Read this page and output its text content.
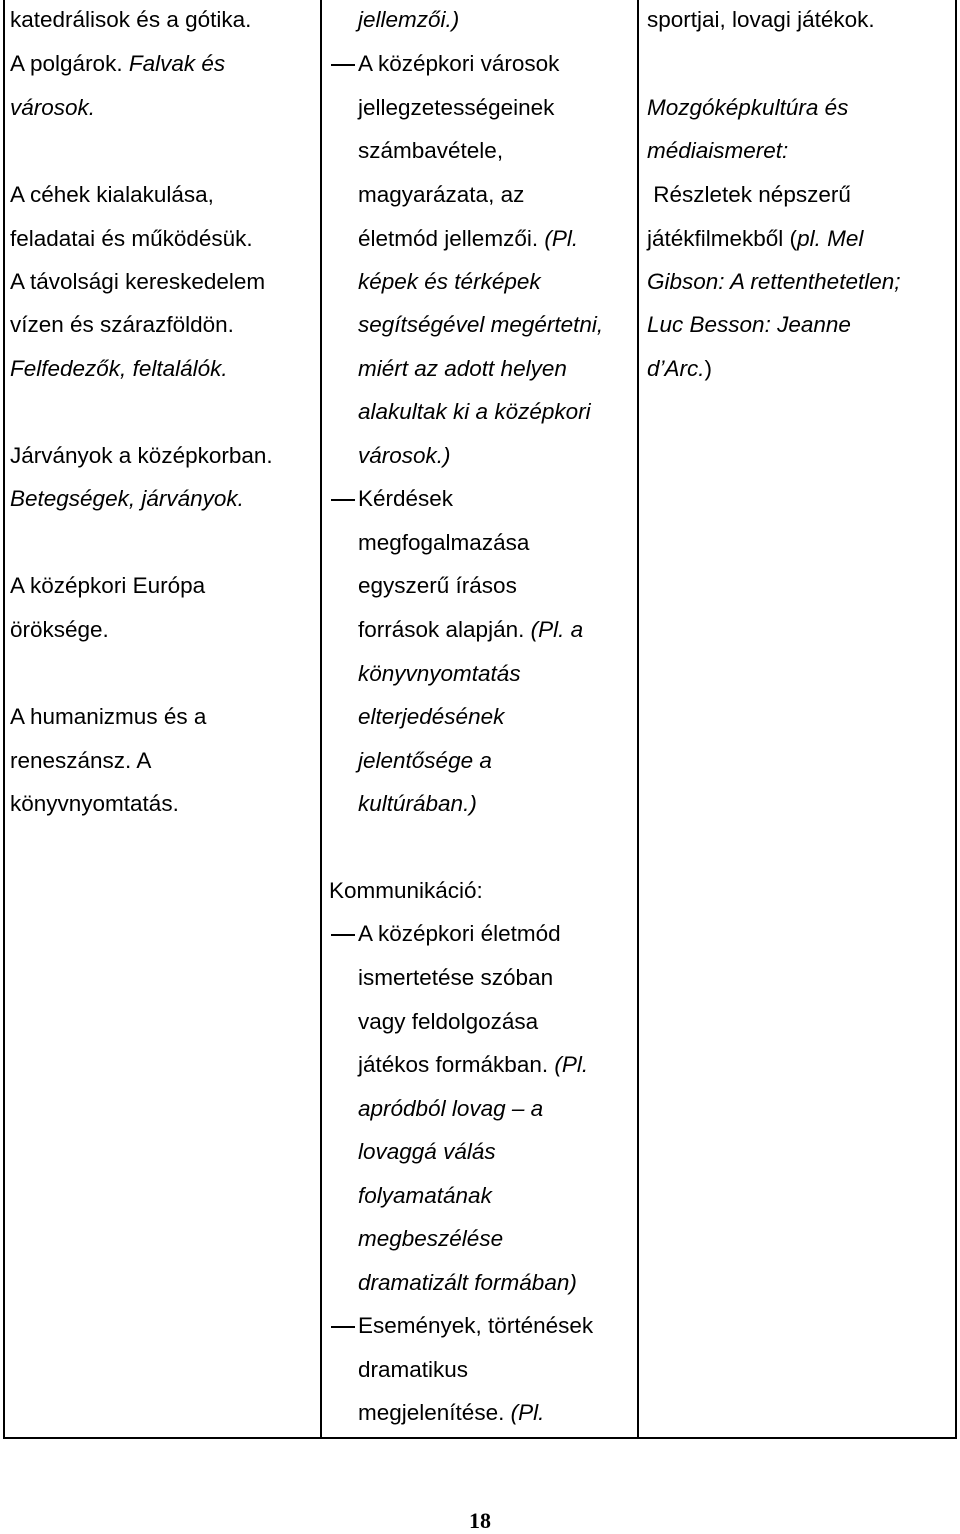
katedrálisok és a gótika.
A polgárok. Falvak és
városok.
A céhek kialakulása,
feladatai és működésük.
A távolsági kereskedelem
vízen és szárazföldön.
Felfedezők, feltalálók.
Járványok a középkorban.
Betegségek, járványok.
A középkori Európa
öröksége.
A humanizmus és a
reneszánsz. A
könyvnyomtatás.
jellemzői.)
A középkori városok
jellegzetességeinek
számbavétele,
magyarázata, az
életmód jellemzői. (Pl.
képek és térképek
segítségével megértetni,
miért az adott helyen
alakultak ki a középkori
városok.)
Kérdések
megfogalmazása
egyszerű írásos
források alapján. (Pl. a
könyvnyomtatás
elterjedésének
jelentősége a
kultúrában.)
Kommunikáció:
A középkori életmód
ismertetése szóban
vagy feldolgozása
játékos formákban. (Pl.
apródból lovag – a
lovaggá válás
folyamatának
megbeszélése
dramatizált formában)
Események, történések
dramatikus
megjelenítése. (Pl.
sportjai, lovagi játékok.
Mozgóképkultúra és
médiaismeret:
Részletek népszerű
játékfilmekből (pl. Mel
Gibson: A rettenthetetlen;
Luc Besson: Jeanne
d’Arc.)
18
